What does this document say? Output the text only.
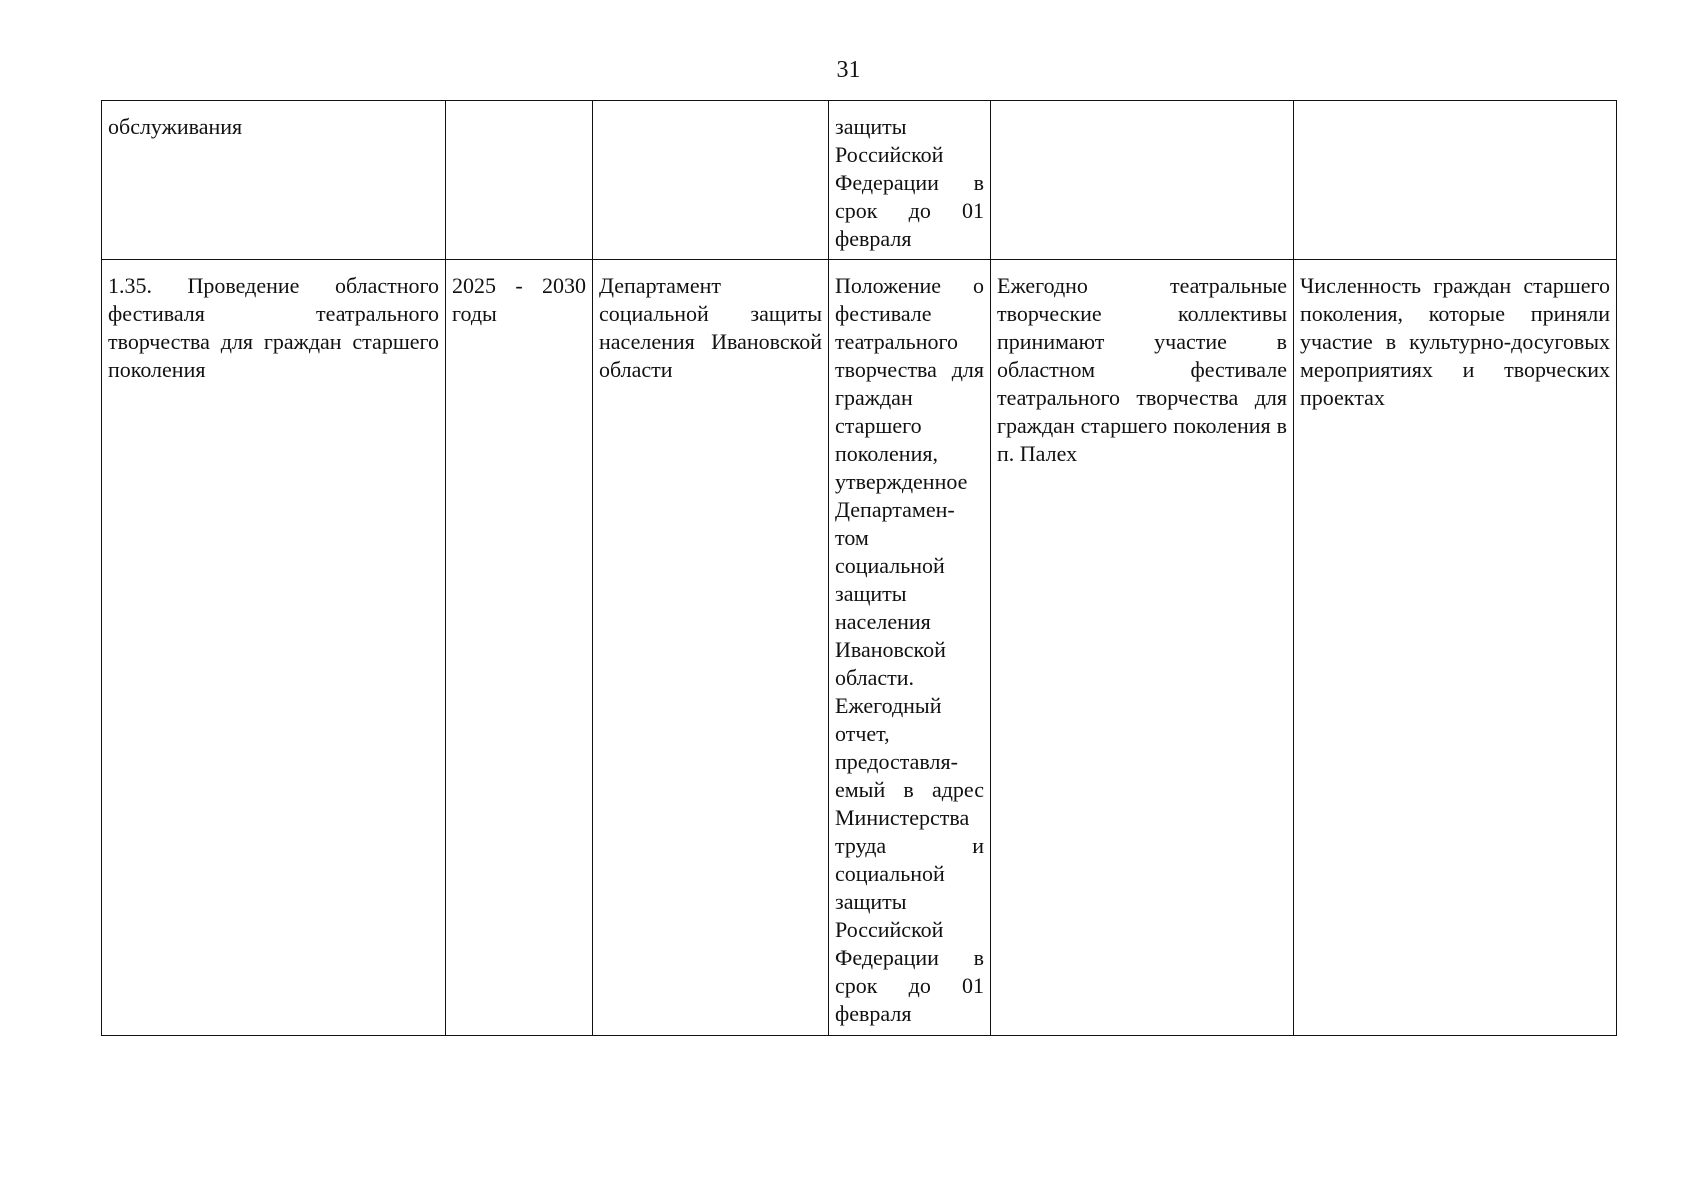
31
обслуживания			защиты Российской Федерации в срок до 01 февраля		

1.35. Проведение областного фестиваля театрального творчества для граждан старшего поколения	2025 - 2030 годы	Департамент социальной защиты населения Ивановской области	Положение о фестивале театрального творчества для граждан старшего поколения, утвержденное Департамен-том социальной защиты населения Ивановской области. Ежегодный отчет, предоставля-емый в адрес Министерства труда и социальной защиты Российской Федерации в срок до 01 февраля	Ежегодно театральные творческие коллективы принимают участие в областном фестивале театрального творчества для граждан старшего поколения в п. Палех	Численность граждан старшего поколения, которые приняли участие в культурно-досуговых мероприятиях и творческих проектах
